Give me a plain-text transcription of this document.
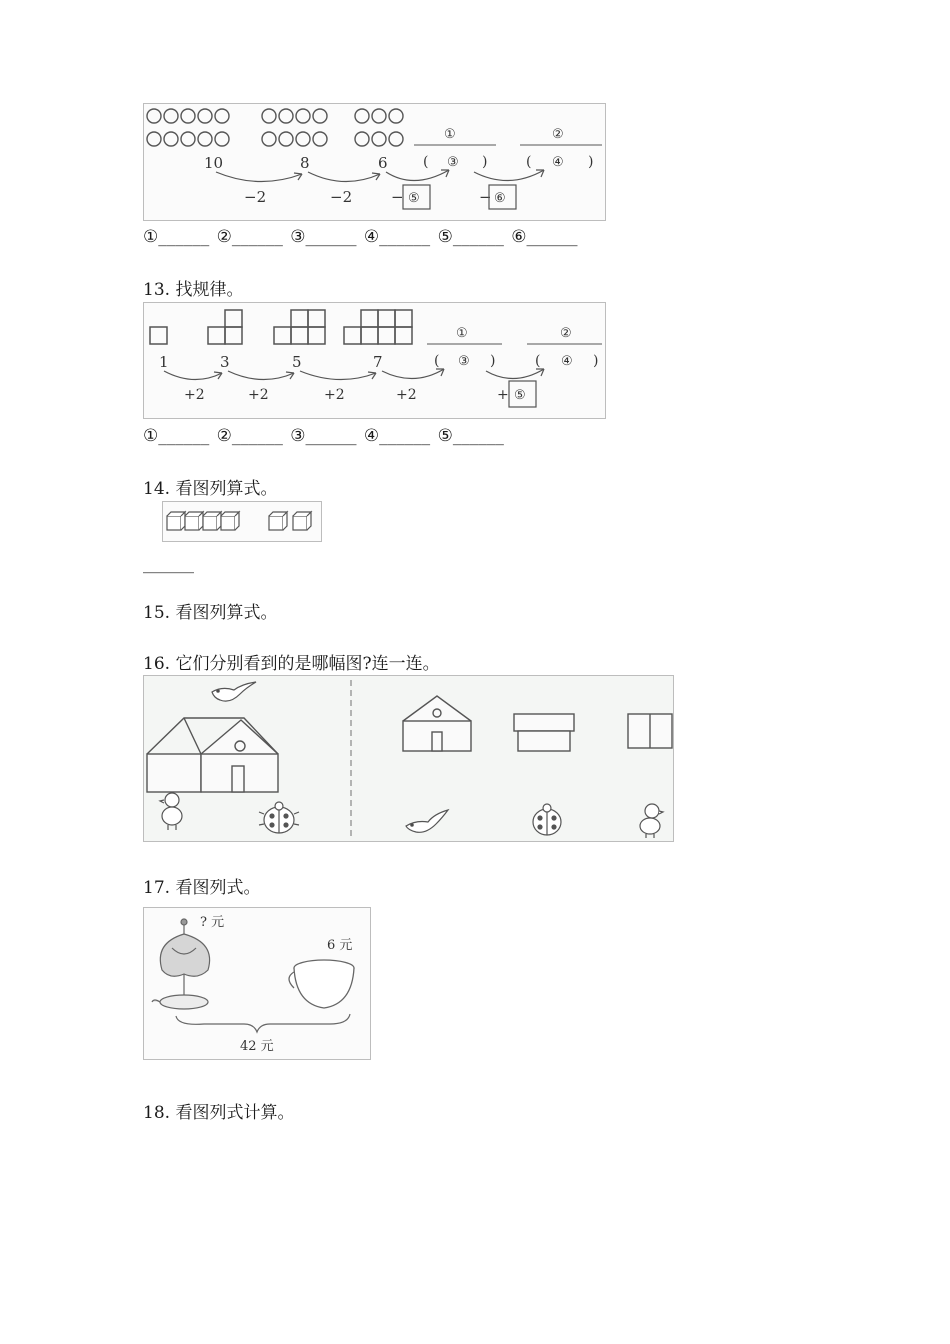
①	②
10	8	6	( ③ )	( ④ )
−2	−2	− ⑤	− ⑥
①______ ②______ ③______ ④______ ⑤______ ⑥______
13. 找规律。
①	②
1	3	5	7	( ③ )	( ④ )
+2	+2	+2	+2	+ ⑤
①______ ②______ ③______ ④______ ⑤______
14. 看图列算式。
______
15. 看图列算式。
16. 它们分别看到的是哪幅图?连一连。
17. 看图列式。
? 元
6 元
42 元
18. 看图列式计算。
